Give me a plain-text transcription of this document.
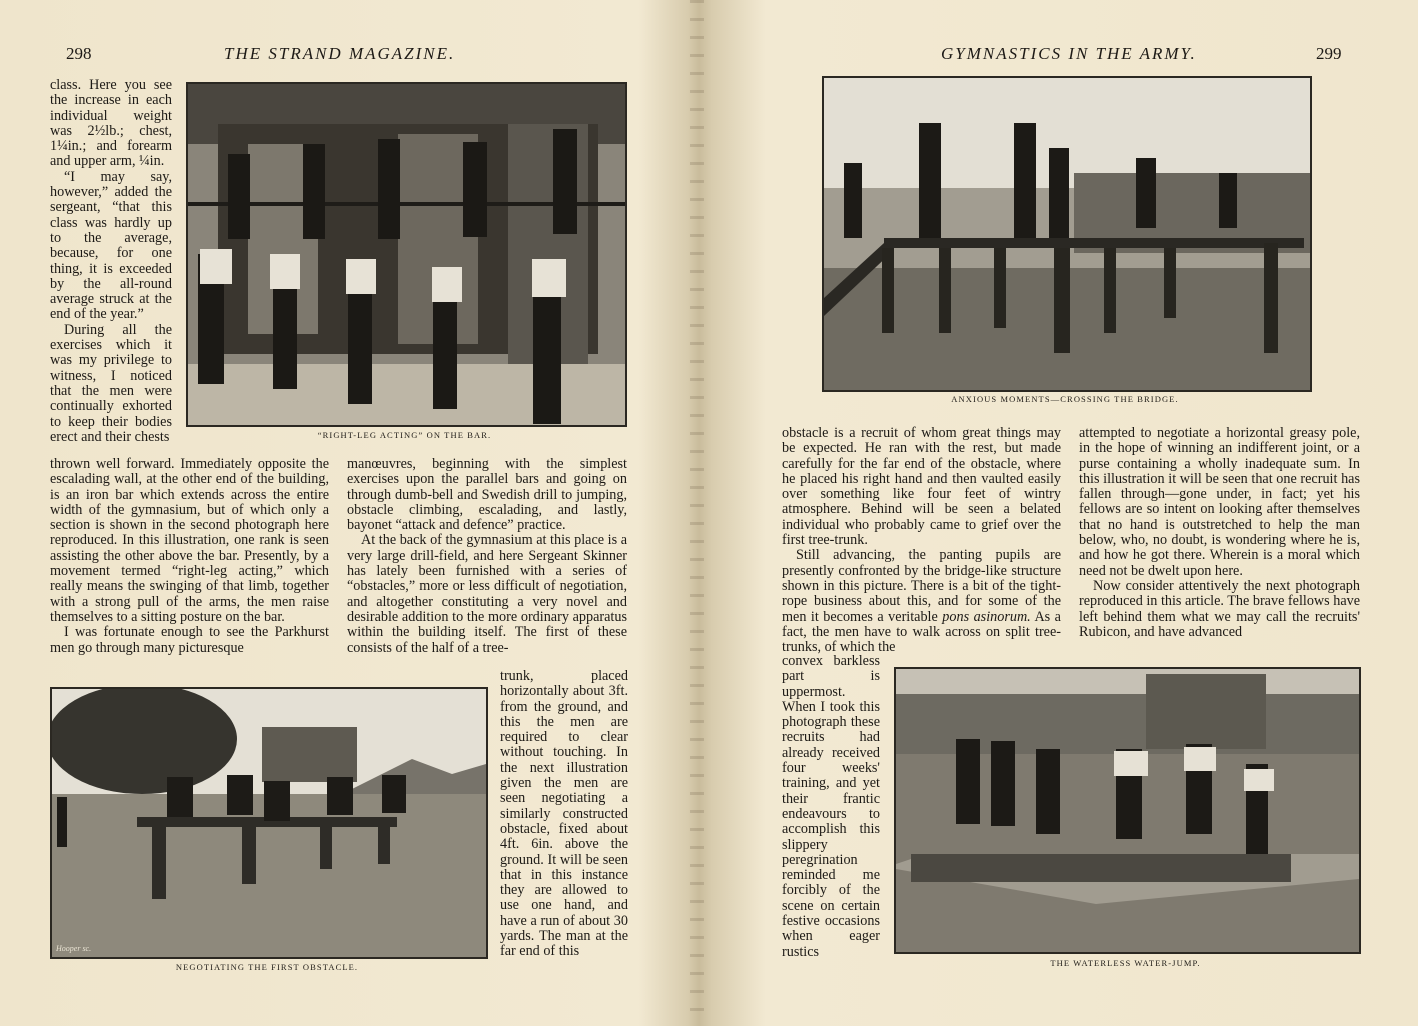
298	THE STRAND MAGAZINE.

class. Here you see the increase in each individual weight was 2½lb.; chest, 1¼in.; and forearm and upper arm, ¼in.

“I may say, however,” added the sergeant, “that this class was hardly up to the average, because, for one thing, it is exceeded by the all-round average struck at the end of the year.”

During all the exercises which it was my privilege to witness, I noticed that the men were continually exhorted to keep their bodies erect and their chests	“RIGHT-LEG ACTING” ON THE BAR.

thrown well forward. Immediately opposite the escalading wall, at the other end of the building, is an iron bar which extends across the entire width of the gymnasium, but of which only a section is shown in the second photograph here reproduced. In this illustration, one rank is seen assisting the other above the bar. Presently, by a movement termed “right-leg acting,” which really means the swinging of that limb, together with a strong pull of the arms, the men raise themselves to a sitting posture on the bar.

I was fortunate enough to see the Parkhurst men go through many picturesque

manœuvres, beginning with the simplest exercises upon the parallel bars and going on through dumb-bell and Swedish drill to jumping, obstacle climbing, escalading, and lastly, bayonet “attack and defence” practice.

At the back of the gymnasium at this place is a very large drill-field, and here Sergeant Skinner has lately been furnished with a series of “obstacles,” more or less difficult of negotiation, and altogether constituting a very novel and desirable addition to the more ordinary apparatus within the building itself. The first of these consists of the half of a tree-

NEGOTIATING THE FIRST OBSTACLE.
Hooper sc.

trunk, placed horizontally about 3ft. from the ground, and this the men are required to clear without touching. In the next illustration given the men are seen negotiating a similarly constructed obstacle, fixed about 4ft. 6in. above the ground. It will be seen that in this instance they are allowed to use one hand, and have a run of about 30 yards. The man at the far end of this

GYMNASTICS IN THE ARMY.	299
ANXIOUS MOMENTS—CROSSING THE BRIDGE.

obstacle is a recruit of whom great things may be expected. He ran with the rest, but made carefully for the far end of the obstacle, where he placed his right hand and then vaulted easily over something like four feet of wintry atmosphere. Behind will be seen a belated individual who probably came to grief over the first tree-trunk.

Still advancing, the panting pupils are presently confronted by the bridge-like structure shown in this picture. There is a bit of the tight-rope business about this, and for some of the men it becomes a veritable pons asinorum. As a fact, the men have to walk across on split tree-trunks, of which the

convex barkless part is uppermost. When I took this photograph these recruits had already received four weeks' training, and yet their frantic endeavours to accomplish this slippery peregrination reminded me forcibly of the scene on certain festive occasions when eager rustics

attempted to negotiate a horizontal greasy pole, in the hope of winning an indifferent joint, or a purse containing a wholly inadequate sum. In this illustration it will be seen that one recruit has fallen through—gone under, in fact; yet his fellows are so intent on looking after themselves that no hand is outstretched to help the man below, who, no doubt, is wondering where he is, and how he got there. Wherein is a moral which need not be dwelt upon here.

Now consider attentively the next photograph reproduced in this article. The brave fellows have left behind them what we may call the recruits' Rubicon, and have advanced

THE WATERLESS WATER-JUMP.
